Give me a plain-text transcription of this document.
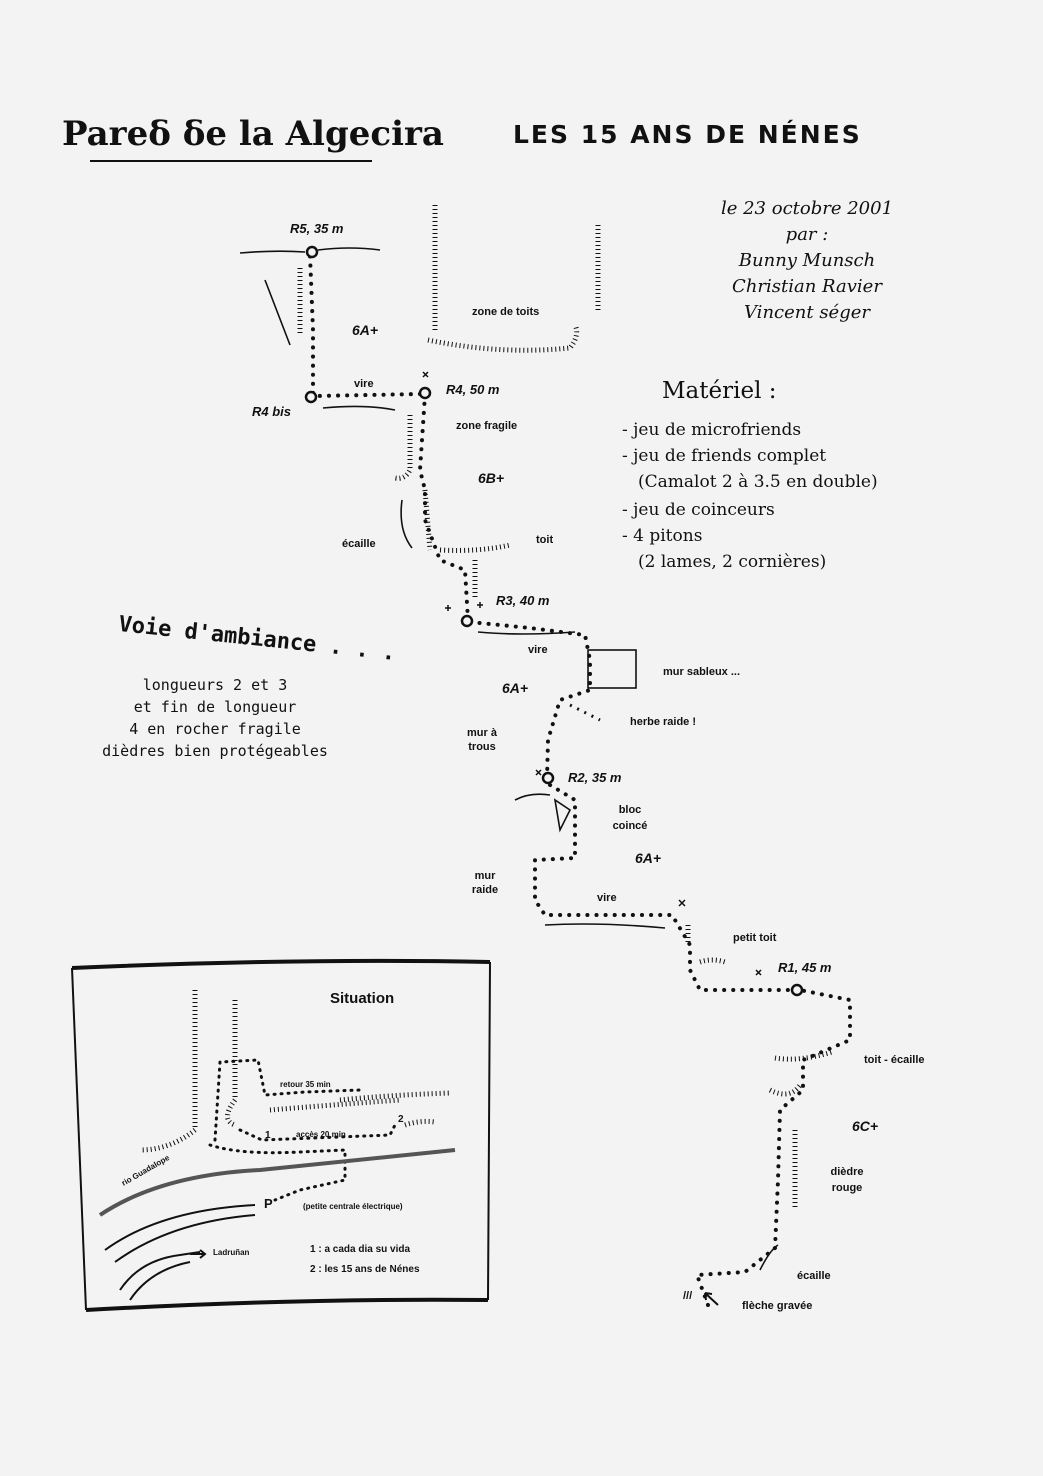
Pareδ δe la Algecira	LES 15 ANS DE NÉNES
le 23 octobre 2001
par :
Bunny Munsch
Christian Ravier
Vincent séger
Matériel :
- jeu de microfriends
- jeu de friends complet
(Camalot 2 à 3.5 en double)
- jeu de coinceurs
- 4 pitons
(2 lames, 2 cornières)
Voie d'ambiance . . .
longueurs 2 et 3
et fin de longueur
4 en rocher fragile
dièdres bien protégeables
R5, 35 m
R4, 50 m
R4 bis
R3, 40 m
R2, 35 m
R1, 45 m
6A+
6B+
6A+
6A+
6C+
zone de toits
vire
zone fragile
écaille	toit
vire
mur sableux ...
herbe raide !
mur à
trous
bloc
coincé
mur
raide
vire
petit toit
toit - écaille
dièdre
rouge
écaille
flèche gravée
///
Situation
retour 35 min
accès 20 min
1
2
rio Guadalope
P	(petite centrale électrique)
Ladruñan	1 : a cada dia su vida
2 : les 15 ans de Nénes
